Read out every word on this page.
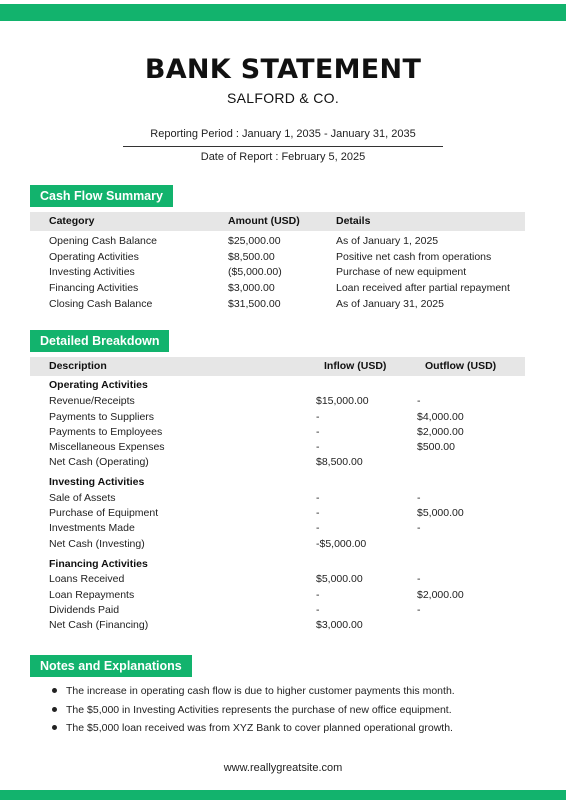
BANK STATEMENT
SALFORD & CO.
Reporting Period : January 1, 2035 - January 31, 2035
Date of Report : February 5, 2025
Cash Flow Summary
Category	Amount (USD)	Details
Opening Cash Balance	$25,000.00	As of January 1, 2025
Operating Activities	$8,500.00	Positive net cash from operations
Investing Activities	($5,000.00)	Purchase of new equipment
Financing Activities	$3,000.00	Loan received after partial repayment
Closing Cash Balance	$31,500.00	As of January 31, 2025
Detailed Breakdown
Description	Inflow (USD)	Outflow (USD)
Operating Activities
Revenue/Receipts	$15,000.00	-
Payments to Suppliers	-	$4,000.00
Payments to Employees	-	$2,000.00
Miscellaneous Expenses	-	$500.00
Net Cash (Operating)	$8,500.00
Investing Activities
Sale of Assets	-	-
Purchase of Equipment	-	$5,000.00
Investments Made	-	-
Net Cash (Investing)	-$5,000.00
Financing Activities
Loans Received	$5,000.00	-
Loan Repayments	-	$2,000.00
Dividends Paid	-	-
Net Cash (Financing)	$3,000.00
Notes and Explanations
The increase in operating cash flow is due to higher customer payments this month.
The $5,000 in Investing Activities represents the purchase of new office equipment.
The $5,000 loan received was from XYZ Bank to cover planned operational growth.
www.reallygreatsite.com
